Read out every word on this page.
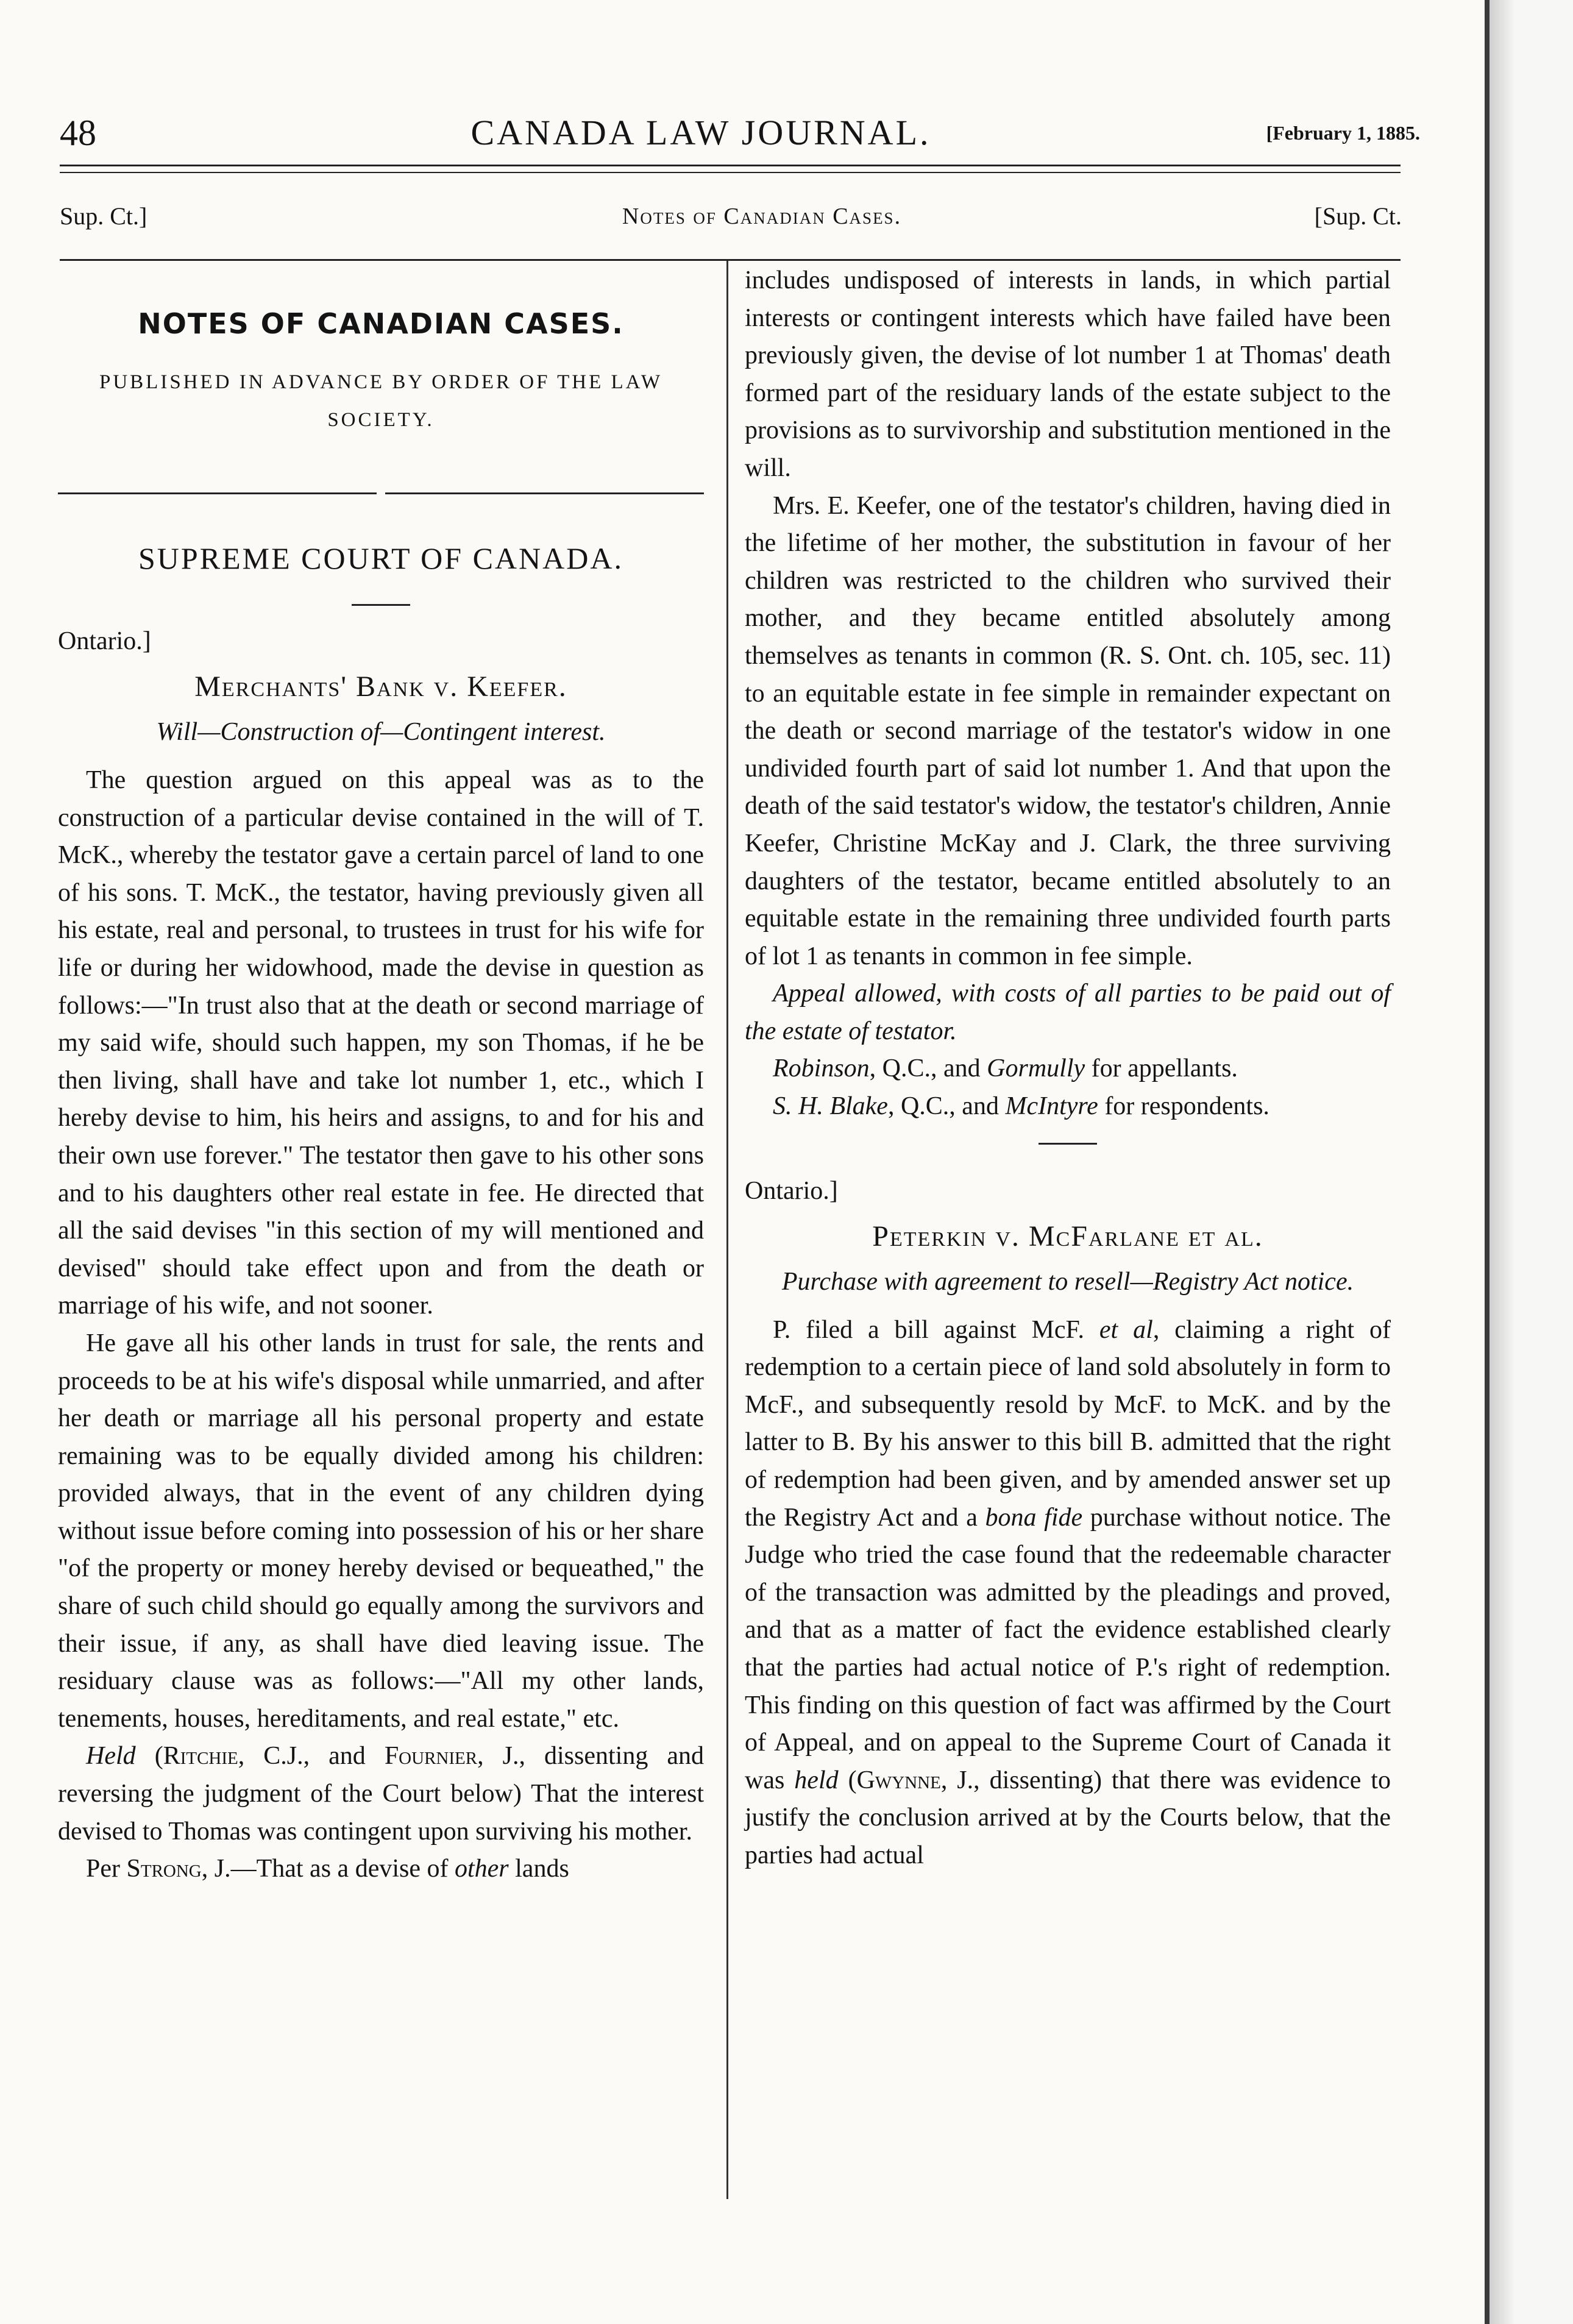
48	CANADA LAW JOURNAL.	[February 1, 1885.
Sup. Ct.]	Notes of Canadian Cases.	[Sup. Ct.
NOTES OF CANADIAN CASES.
PUBLISHED IN ADVANCE BY ORDER OF THE LAW SOCIETY.
SUPREME COURT OF CANADA.
Ontario.]
Merchants' Bank v. Keefer.
Will—Construction of—Contingent interest.

The question argued on this appeal was as to the construction of a particular devise contained in the will of T. McK., whereby the testator gave a certain parcel of land to one of his sons. T. McK., the testator, having previously given all his estate, real and personal, to trustees in trust for his wife for life or during her widowhood, made the devise in question as follows:—"In trust also that at the death or second marriage of my said wife, should such happen, my son Thomas, if he be then living, shall have and take lot number 1, etc., which I hereby devise to him, his heirs and assigns, to and for his and their own use forever." The testator then gave to his other sons and to his daughters other real estate in fee. He directed that all the said devises "in this section of my will mentioned and devised" should take effect upon and from the death or marriage of his wife, and not sooner.

He gave all his other lands in trust for sale, the rents and proceeds to be at his wife's disposal while unmarried, and after her death or marriage all his personal property and estate remaining was to be equally divided among his children: provided always, that in the event of any children dying without issue before coming into possession of his or her share "of the property or money hereby devised or bequeathed," the share of such child should go equally among the survivors and their issue, if any, as shall have died leaving issue. The residuary clause was as follows:—"All my other lands, tenements, houses, hereditaments, and real estate," etc.

Held (Ritchie, C.J., and Fournier, J., dissenting and reversing the judgment of the Court below) That the interest devised to Thomas was contingent upon surviving his mother.

Per Strong, J.—That as a devise of other lands

includes undisposed of interests in lands, in which partial interests or contingent interests which have failed have been previously given, the devise of lot number 1 at Thomas' death formed part of the residuary lands of the estate subject to the provisions as to survivorship and substitution mentioned in the will.

Mrs. E. Keefer, one of the testator's children, having died in the lifetime of her mother, the substitution in favour of her children was restricted to the children who survived their mother, and they became entitled absolutely among themselves as tenants in common (R. S. Ont. ch. 105, sec. 11) to an equitable estate in fee simple in remainder expectant on the death or second marriage of the testator's widow in one undivided fourth part of said lot number 1. And that upon the death of the said testator's widow, the testator's children, Annie Keefer, Christine McKay and J. Clark, the three surviving daughters of the testator, became entitled absolutely to an equitable estate in the remaining three undivided fourth parts of lot 1 as tenants in common in fee simple.

Appeal allowed, with costs of all parties to be paid out of the estate of testator.

Robinson, Q.C., and Gormully for appellants.

S. H. Blake, Q.C., and McIntyre for respondents.

Ontario.]
Peterkin v. McFarlane et al.
Purchase with agreement to resell—Registry Act notice.

P. filed a bill against McF. et al, claiming a right of redemption to a certain piece of land sold absolutely in form to McF., and subsequently resold by McF. to McK. and by the latter to B. By his answer to this bill B. admitted that the right of redemption had been given, and by amended answer set up the Registry Act and a bona fide purchase without notice. The Judge who tried the case found that the redeemable character of the transaction was admitted by the pleadings and proved, and that as a matter of fact the evidence established clearly that the parties had actual notice of P.'s right of redemption. This finding on this question of fact was affirmed by the Court of Appeal, and on appeal to the Supreme Court of Canada it was held (Gwynne, J., dissenting) that there was evidence to justify the conclusion arrived at by the Courts below, that the parties had actual
